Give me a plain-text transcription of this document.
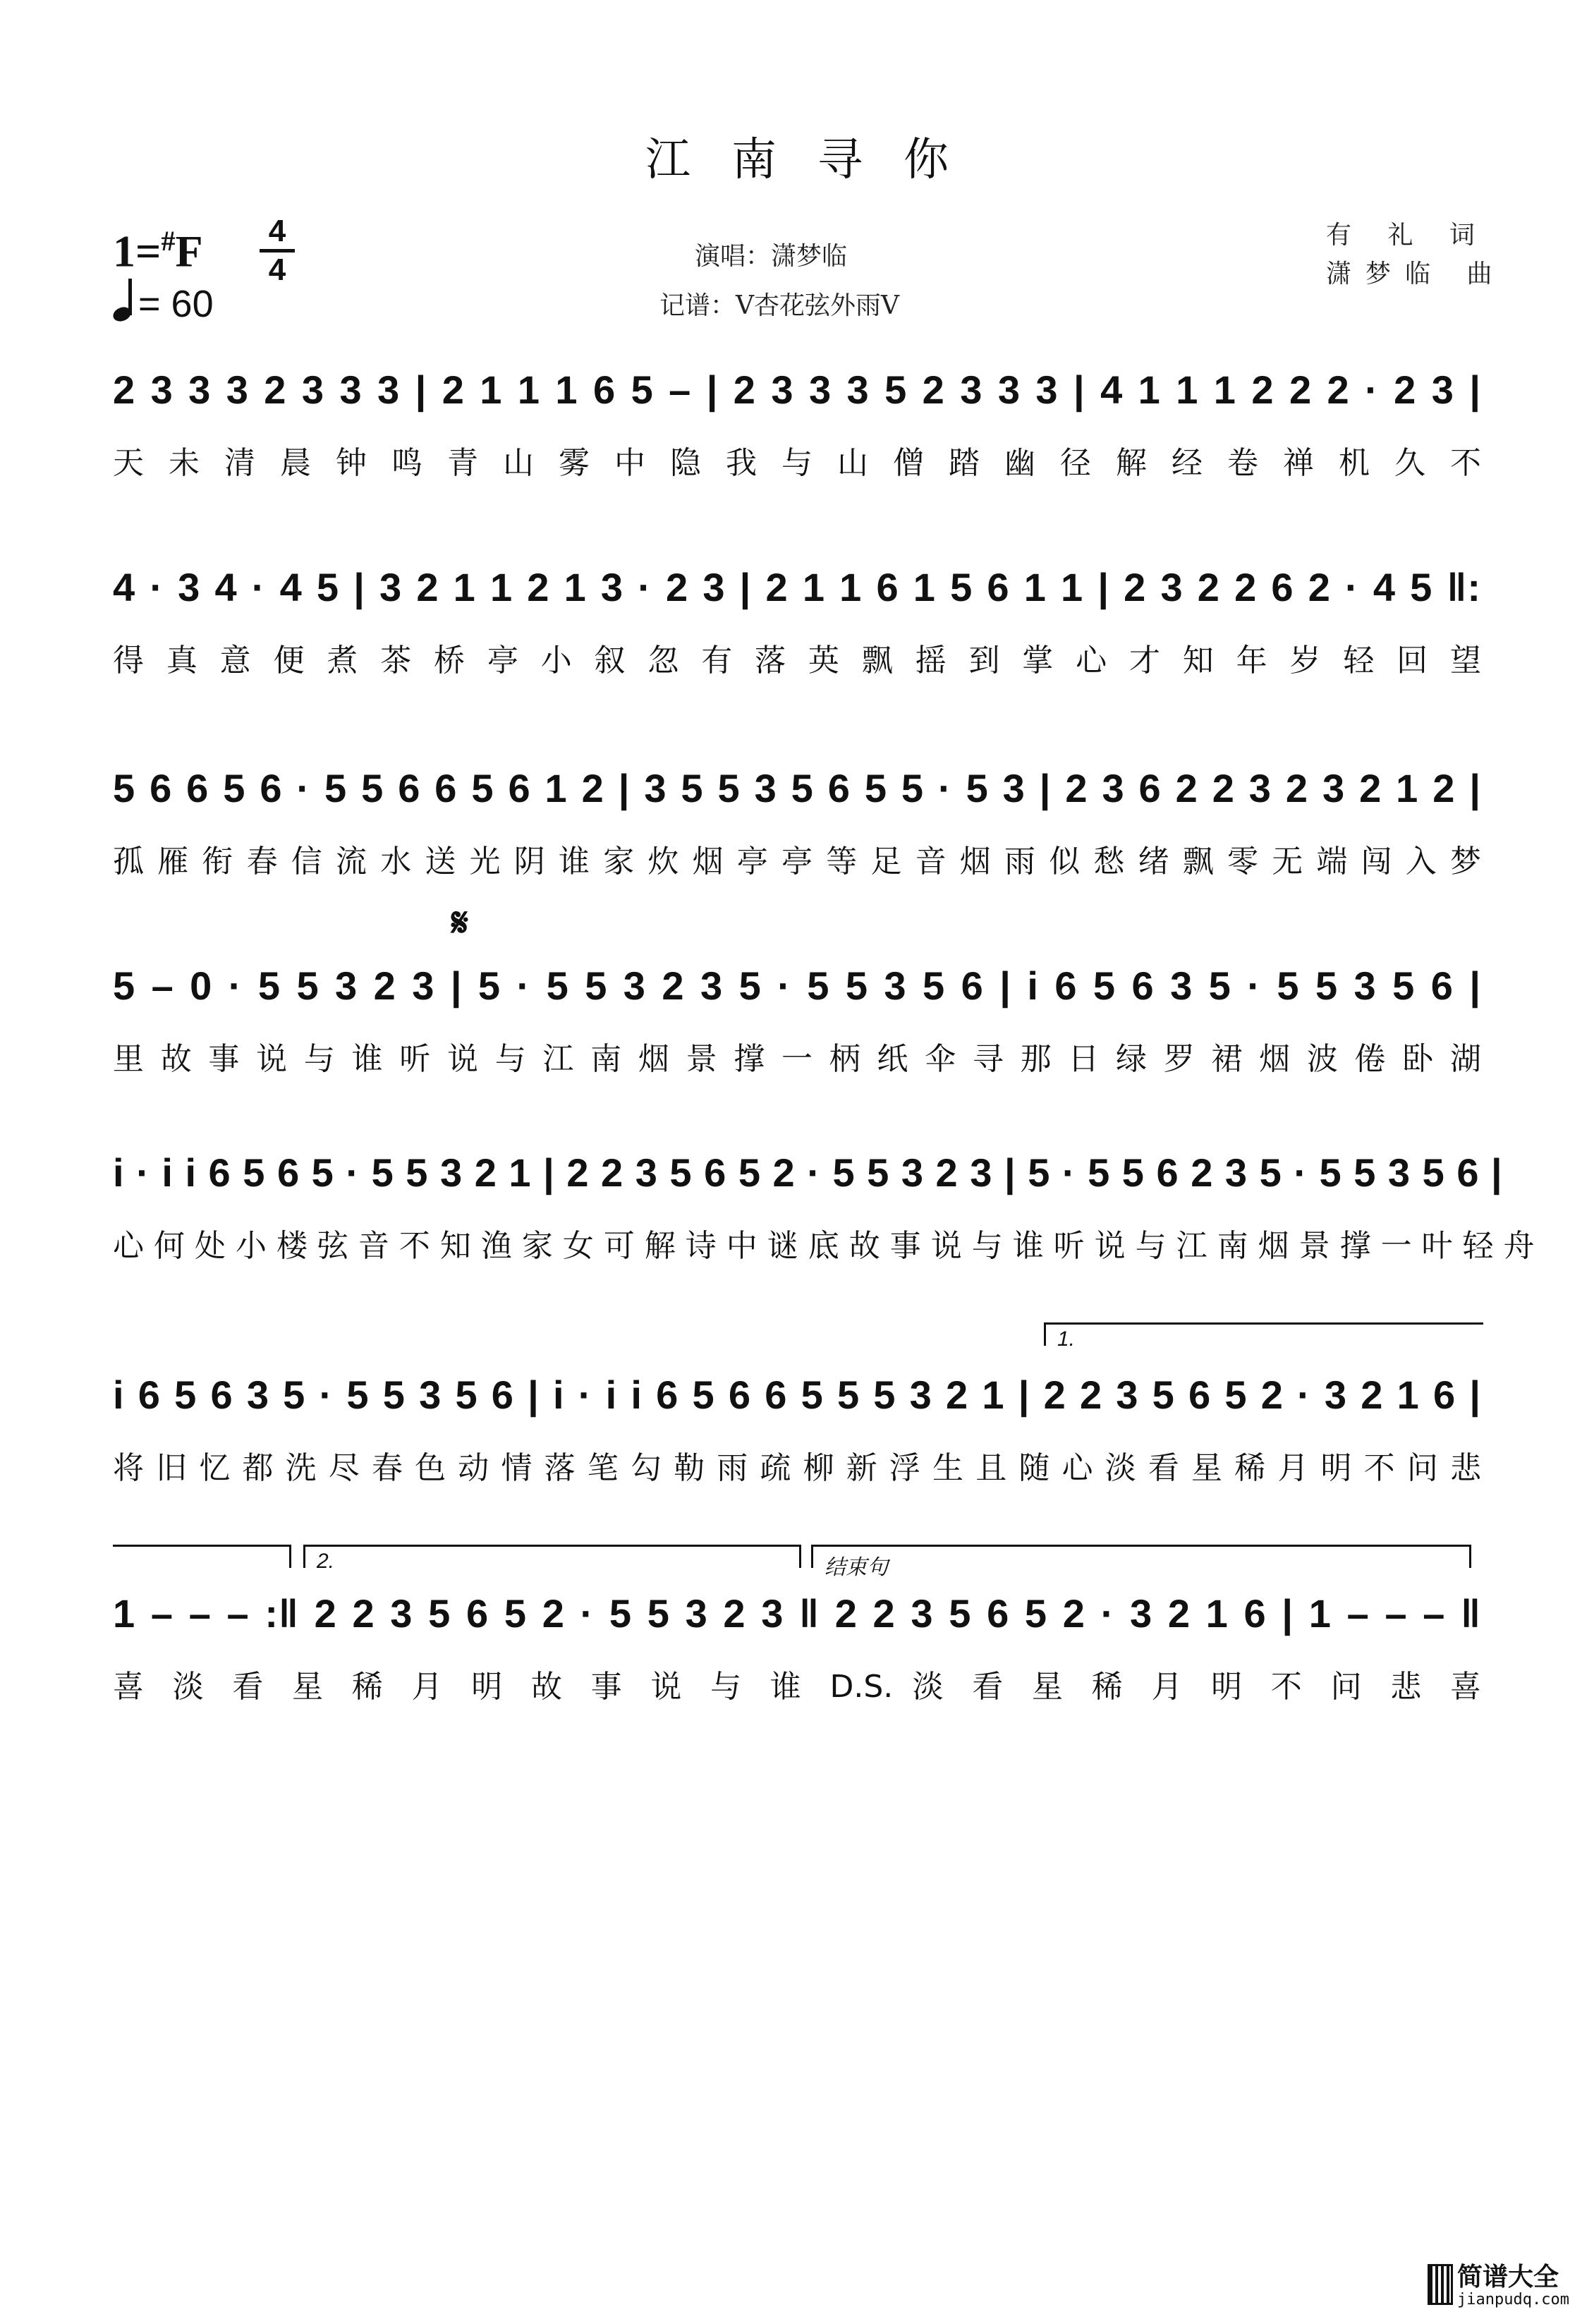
江南寻你
1=#F 4
4
= 60
演唱：潇梦临
记谱：V杏花弦外雨V
有 礼 词
潇梦临 曲
2 3 3 3 2 3 3 3 | 2 1 1 1 6 5 – | 2 3 3 3 5 2 3 3 3 | 4 1 1 1 2 2 2 · 2 3 |
天 未 清 晨 钟 鸣 青 山 雾 中 隐 我 与 山 僧 踏 幽 径 解 经 卷 禅 机 久 不
4 · 3 4 · 4 5 | 3 2 1 1 2 1 3 · 2 3 | 2 1 1 6 1 5 6 1 1 | 2 3 2 2 6 2 · 4 5 ‖:
得 真 意 便 煮 茶 桥 亭 小 叙 忽 有 落 英 飘 摇 到 掌 心 才 知 年 岁 轻 回 望
5 6 6 5 6 · 5 5 6 6 5 6 1 2 | 3 5 5 3 5 6 5 5 · 5 3 | 2 3 6 2 2 3 2 3 2 1 2 |
孤 雁 衔 春 信 流 水 送 光 阴 谁 家 炊 烟 亭 亭 等 足 音 烟 雨 似 愁 绪 飘 零 无 端 闯 入 梦
𝄋
5 – 0 · 5 5 3 2 3 | 5 · 5 5 3 2 3 5 · 5 5 3 5 6 | i 6 5 6 3 5 · 5 5 3 5 6 |
里 故 事 说 与 谁 听 说 与 江 南 烟 景 撑 一 柄 纸 伞 寻 那 日 绿 罗 裙 烟 波 倦 卧 湖
i · i i 6 5 6 5 · 5 5 3 2 1 | 2 2 3 5 6 5 2 · 5 5 3 2 3 | 5 · 5 5 6 2 3 5 · 5 5 3 5 6 |
心 何 处 小 楼 弦 音 不 知 渔 家 女 可 解 诗 中 谜 底 故 事 说 与 谁 听 说 与 江 南 烟 景 撑 一 叶 轻 舟
1.
i 6 5 6 3 5 · 5 5 3 5 6 | i · i i 6 5 6 6 5 5 5 3 2 1 | 2 2 3 5 6 5 2 · 3 2 1 6 |
将 旧 忆 都 洗 尽 春 色 动 情 落 笔 勾 勒 雨 疏 柳 新 浮 生 且 随 心 淡 看 星 稀 月 明 不 问 悲
2.	结束句
1 – – – :‖ 2 2 3 5 6 5 2 · 5 5 3 2 3 ‖ 2 2 3 5 6 5 2 · 3 2 1 6 | 1 – – – ‖
喜 淡 看 星 稀 月 明 故 事 说 与 谁 D.S. 淡 看 星 稀 月 明 不 问 悲 喜
简谱大全
jianpudq.com
